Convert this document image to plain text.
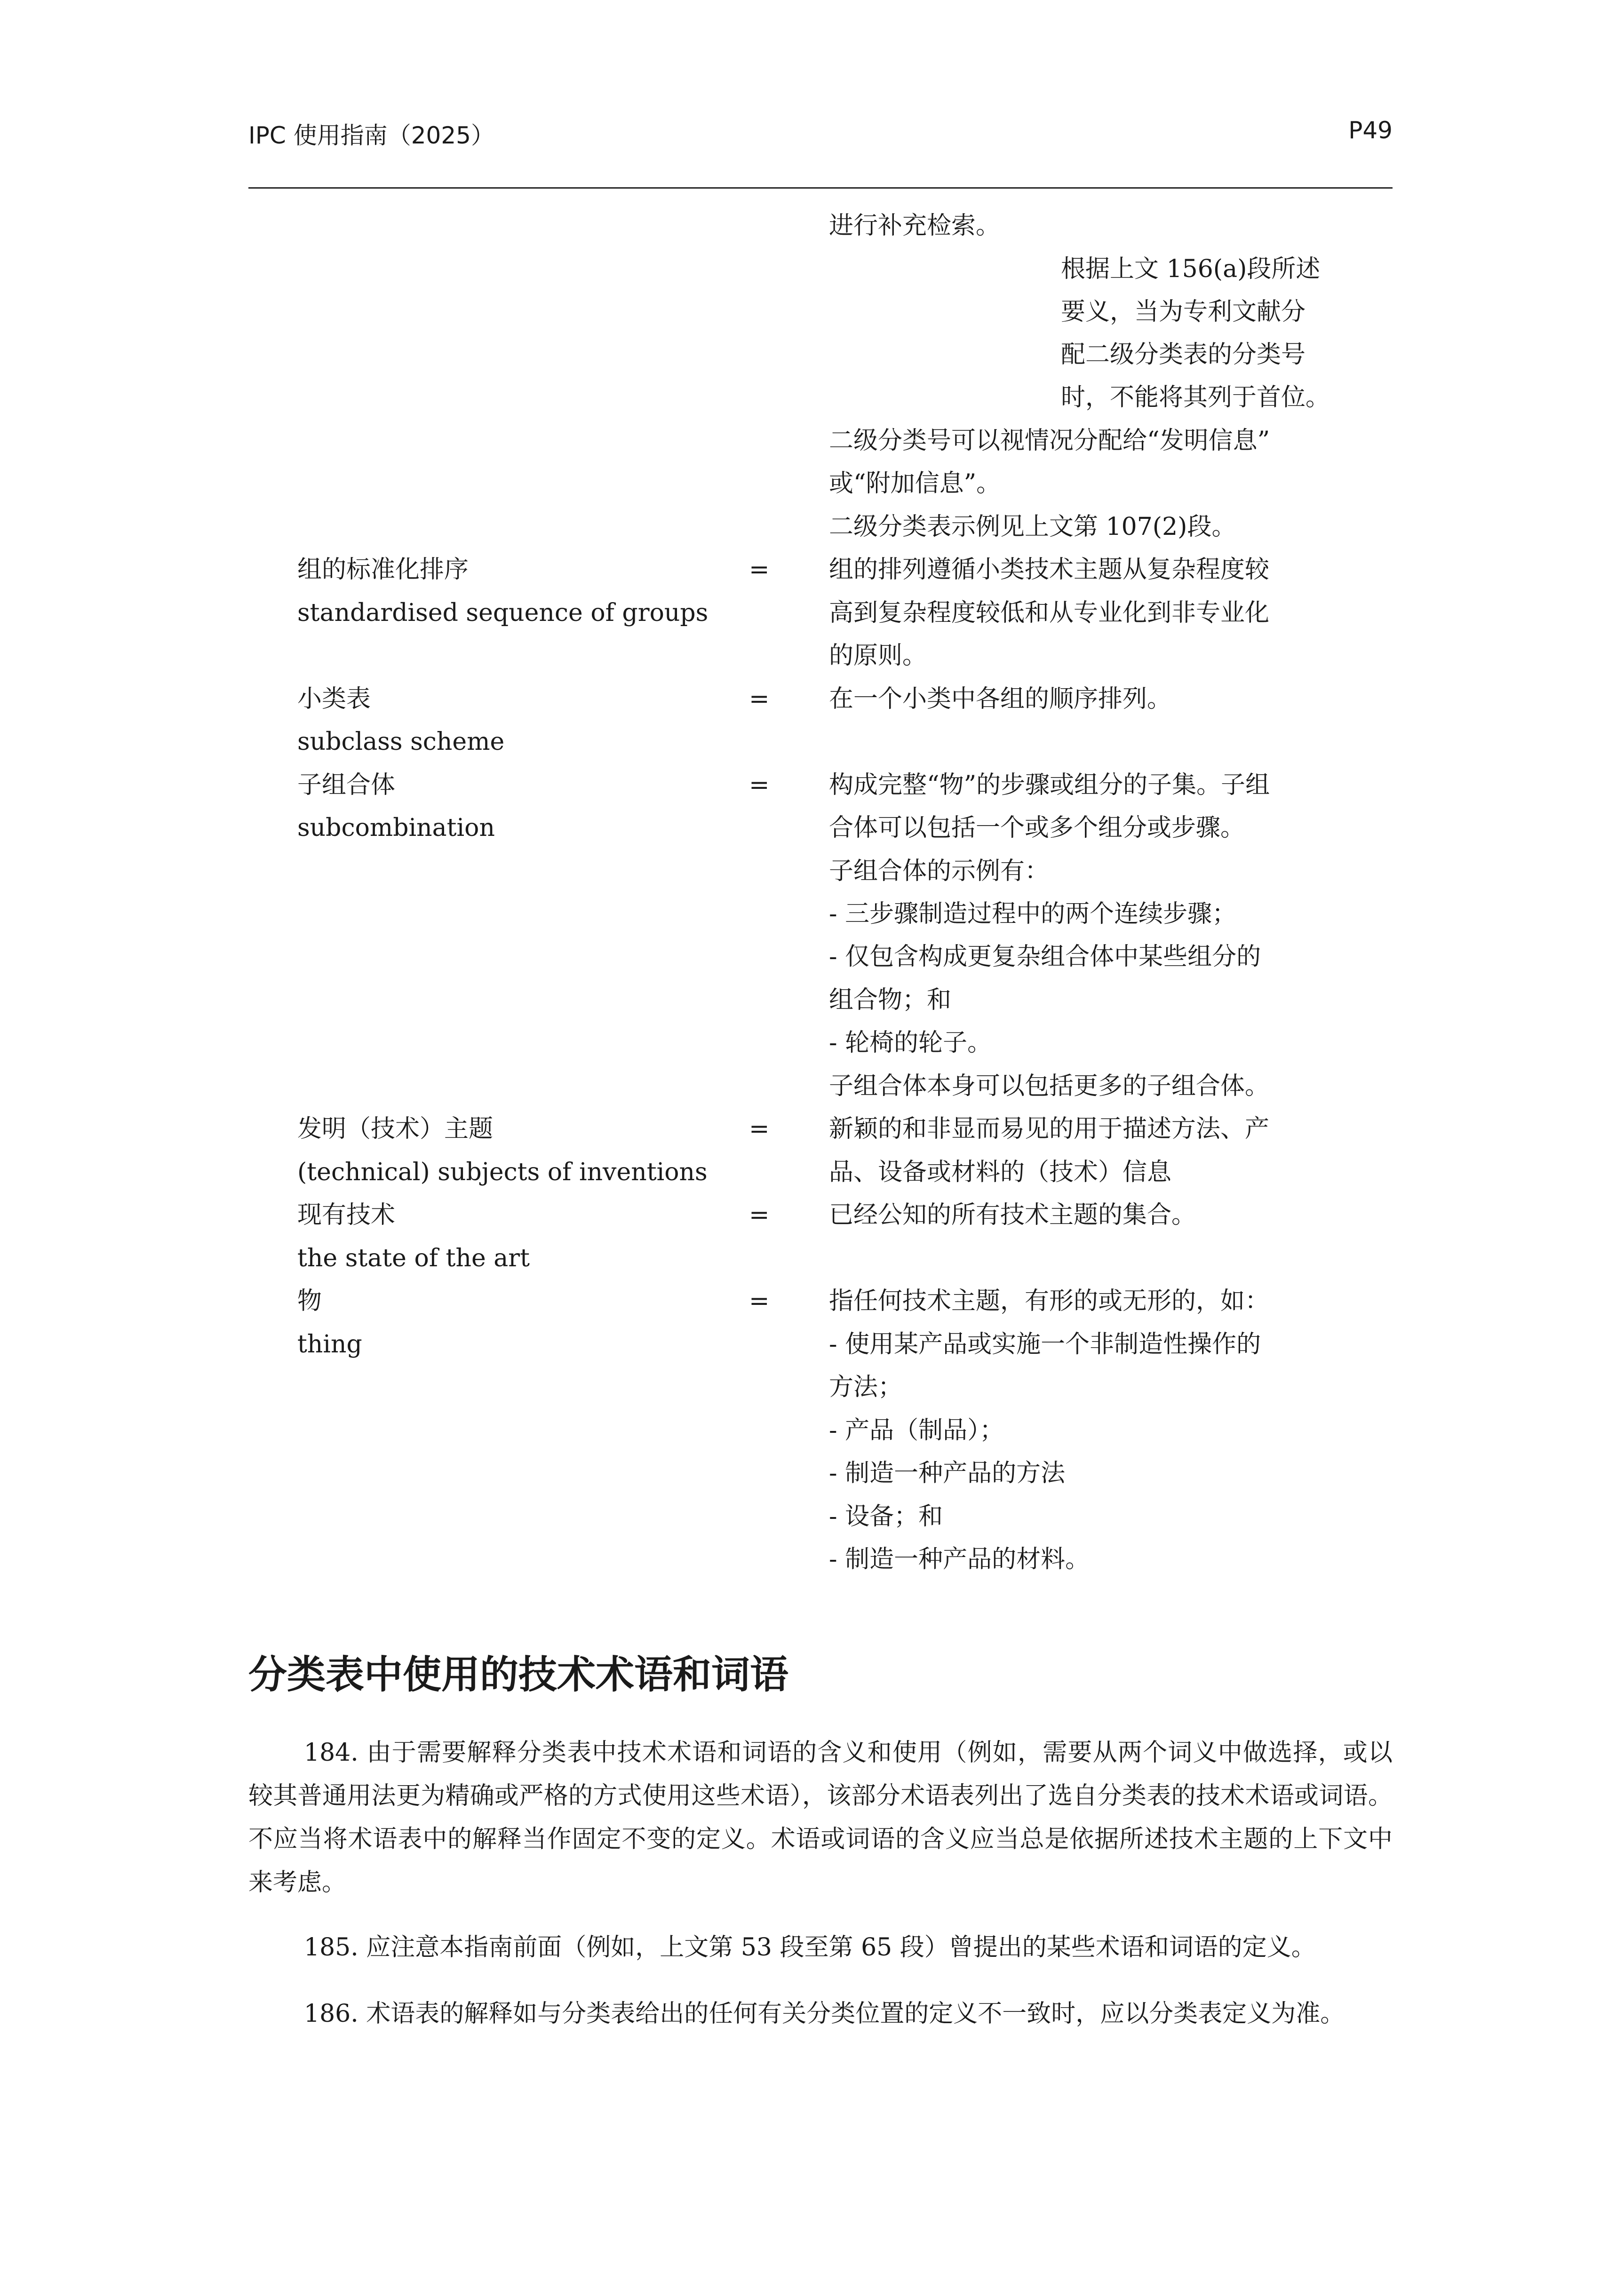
IPC 使用指南（2025）	P49
进行补充检索。
根据上文 156(a)段所述
要义，当为专利文献分
配二级分类表的分类号
时，不能将其列于首位。
二级分类号可以视情况分配给“发明信息”
或“附加信息”。
二级分类表示例见上文第 107(2)段。
组的标准化排序
standardised sequence of groups
= 组的排列遵循小类技术主题从复杂程度较
高到复杂程度较低和从专业化到非专业化
的原则。
小类表
subclass scheme
= 在一个小类中各组的顺序排列。
子组合体
subcombination
= 构成完整“物”的步骤或组分的子集。子组
合体可以包括一个或多个组分或步骤。
子组合体的示例有：
- 三步骤制造过程中的两个连续步骤；
- 仅包含构成更复杂组合体中某些组分的
组合物；和
- 轮椅的轮子。
子组合体本身可以包括更多的子组合体。
发明（技术）主题
(technical) subjects of inventions
= 新颖的和非显而易见的用于描述方法、产
品、设备或材料的（技术）信息
现有技术
the state of the art
= 已经公知的所有技术主题的集合。
物
thing
= 指任何技术主题，有形的或无形的，如：
- 使用某产品或实施一个非制造性操作的
方法；
- 产品（制品）；
- 制造一种产品的方法
- 设备；和
- 制造一种产品的材料。
分类表中使用的技术术语和词语

184. 由于需要解释分类表中技术术语和词语的含义和使用（例如，需要从两个词义中做选择，或以较其普通用法更为精确或严格的方式使用这些术语），该部分术语表列出了选自分类表的技术术语或词语。不应当将术语表中的解释当作固定不变的定义。术语或词语的含义应当总是依据所述技术主题的上下文中来考虑。

185. 应注意本指南前面（例如，上文第 53 段至第 65 段）曾提出的某些术语和词语的定义。

186. 术语表的解释如与分类表给出的任何有关分类位置的定义不一致时，应以分类表定义为准。
